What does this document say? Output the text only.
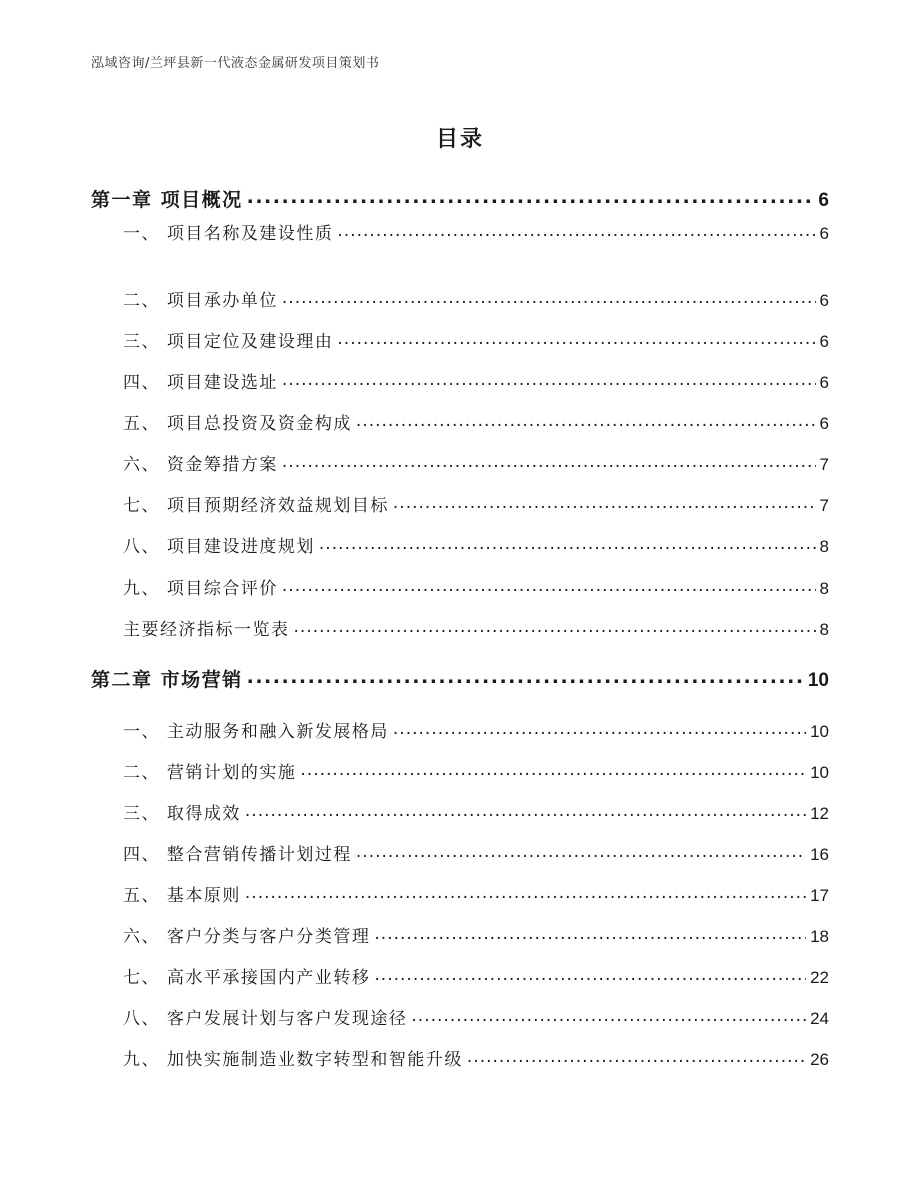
泓域咨询/兰坪县新一代液态金属研发项目策划书
目录
第一章 项目概况 .....	6
一、 项目名称及建设性质 .....	6
二、 项目承办单位 .....	6
三、 项目定位及建设理由 .....	6
四、 项目建设选址 .....	6
五、 项目总投资及资金构成 .....	6
六、 资金筹措方案 .....	7
七、 项目预期经济效益规划目标 .....	7
八、 项目建设进度规划 .....	8
九、 项目综合评价 .....	8
主要经济指标一览表 .....	8
第二章 市场营销 .....	10
一、 主动服务和融入新发展格局 .....	10
二、 营销计划的实施 .....	10
三、 取得成效 .....	12
四、 整合营销传播计划过程 .....	16
五、 基本原则 .....	17
六、 客户分类与客户分类管理 .....	18
七、 高水平承接国内产业转移 .....	22
八、 客户发展计划与客户发现途径 .....	24
九、 加快实施制造业数字转型和智能升级 .....	26
